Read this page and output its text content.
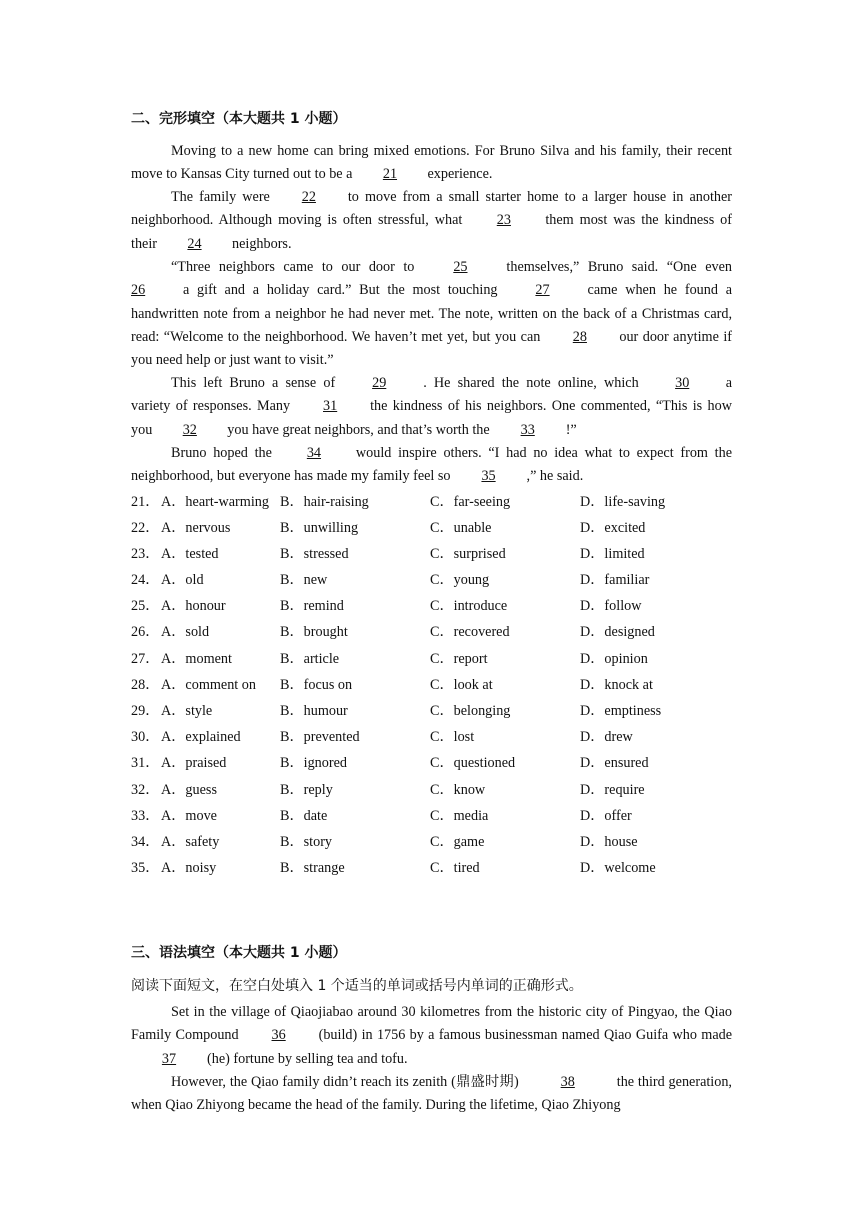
二、完形填空（本大题共 1 小题）

Moving to a new home can bring mixed emotions. For Bruno Silva and his family, their recent move to Kansas City turned out to be a 21 experience.

The family were 22 to move from a small starter home to a larger house in another neighborhood. Although moving is often stressful, what 23 them most was the kindness of their 24 neighbors.

“Three neighbors came to our door to	25	themselves,” Bruno said. “One even26	a gift and a holiday card.” But the most touching	27	came when he found a handwritten note from a neighbor he had never met. The note, written on the back of a Christmas card, read: “Welcome to the neighborhood. We haven’t met yet, but you can 28 our door anytime if you need help or just want to visit.”

This left Bruno a sense of	29	. He shared the note online, which	30	a variety of responses. Many 31 the kindness of his neighbors. One commented, “This is how you 32 you have great neighbors, and that’s worth the 33 !”

Bruno hoped the 34 would inspire others. “I had no idea what to expect from the neighborhood, but everyone has made my family feel so 35 ,” he said.

21． A．heart-warming B．hair-raising	C．far-seeing	D．life-saving
22． A．nervous	B．unwilling	C．unable	D．excited
23． A．tested	B．stressed	C．surprised	D．limited
24． A．old	B．new	C．young	D．familiar
25． A．honour	B．remind	C．introduce	D．follow
26． A．sold	B．brought	C．recovered	D．designed
27． A．moment	B．article	C．report	D．opinion
28． A．comment on B．focus on	C．look at	D．knock at
29． A．style	B．humour	C．belonging	D．emptiness
30． A．explained	B．prevented	C．lost	D．drew
31． A．praised	B．ignored	C．questioned	D．ensured
32． A．guess	B．reply	C．know	D．require
33． A．move	B．date	C．media	D．offer
34． A．safety	B．story	C．game	D．house
35． A．noisy	B．strange	C．tired	D．welcome
三、语法填空（本大题共 1 小题）
阅读下面短文，在空白处填入 1 个适当的单词或括号内单词的正确形式。

Set in the village of Qiaojiabao around 30 kilometres from the historic city of Pingyao, the Qiao Family Compound 36 (build) in 1756 by a famous businessman named Qiao Guifa who made37 (he) fortune by selling tea and tofu.

However, the Qiao family didn’t reach its zenith (鼎盛时期)	38	the third generation, when Qiao Zhiyong became the head of the family. During the lifetime, Qiao Zhiyong
